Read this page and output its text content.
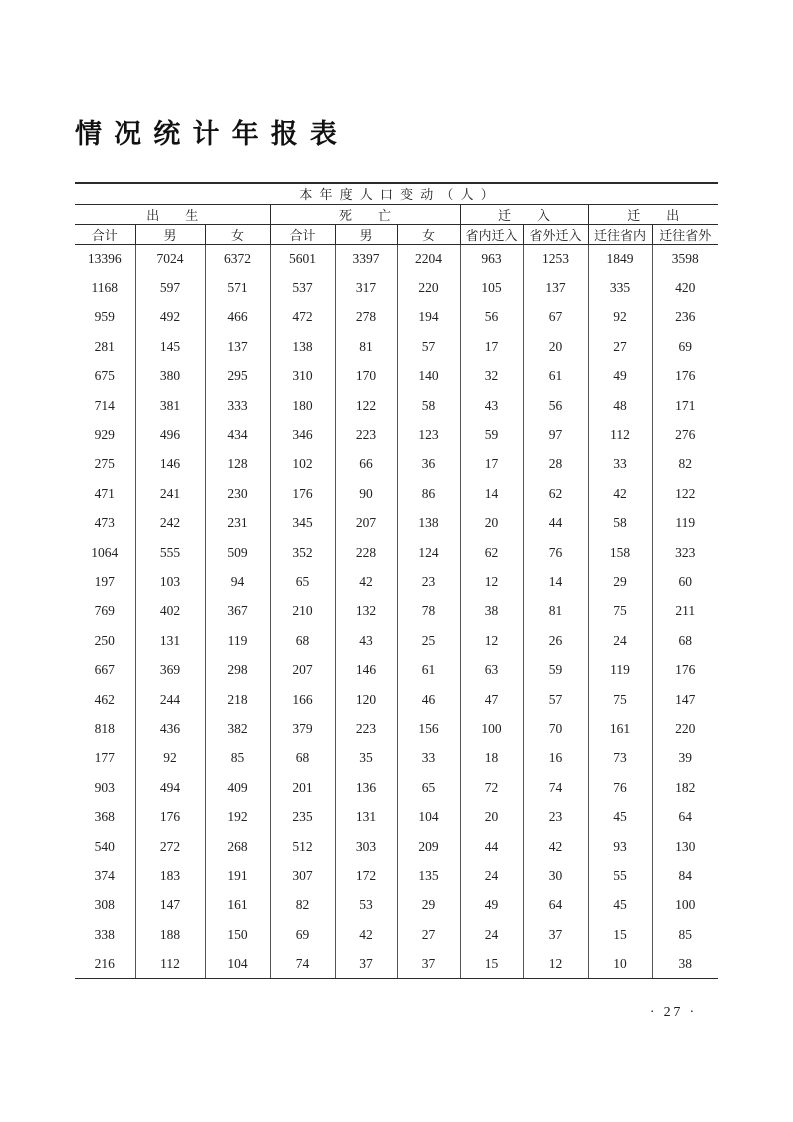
情况统计年报表
本年度人口变动（人）									
出生			死亡			迁入		迁出	
合计	男	女	合计	男	女	省内迁入	省外迁入	迁往省内	迁往省外
13396	7024	6372	5601	3397	2204	963	1253	1849	3598
1168	597	571	537	317	220	105	137	335	420
959	492	466	472	278	194	56	67	92	236
281	145	137	138	81	57	17	20	27	69
675	380	295	310	170	140	32	61	49	176
714	381	333	180	122	58	43	56	48	171
929	496	434	346	223	123	59	97	112	276
275	146	128	102	66	36	17	28	33	82
471	241	230	176	90	86	14	62	42	122
473	242	231	345	207	138	20	44	58	119
1064	555	509	352	228	124	62	76	158	323
197	103	94	65	42	23	12	14	29	60
769	402	367	210	132	78	38	81	75	211
250	131	119	68	43	25	12	26	24	68
667	369	298	207	146	61	63	59	119	176
462	244	218	166	120	46	47	57	75	147
818	436	382	379	223	156	100	70	161	220
177	92	85	68	35	33	18	16	73	39
903	494	409	201	136	65	72	74	76	182
368	176	192	235	131	104	20	23	45	64
540	272	268	512	303	209	44	42	93	130
374	183	191	307	172	135	24	30	55	84
308	147	161	82	53	29	49	64	45	100
338	188	150	69	42	27	24	37	15	85
216	112	104	74	37	37	15	12	10	38
· 27 ·
